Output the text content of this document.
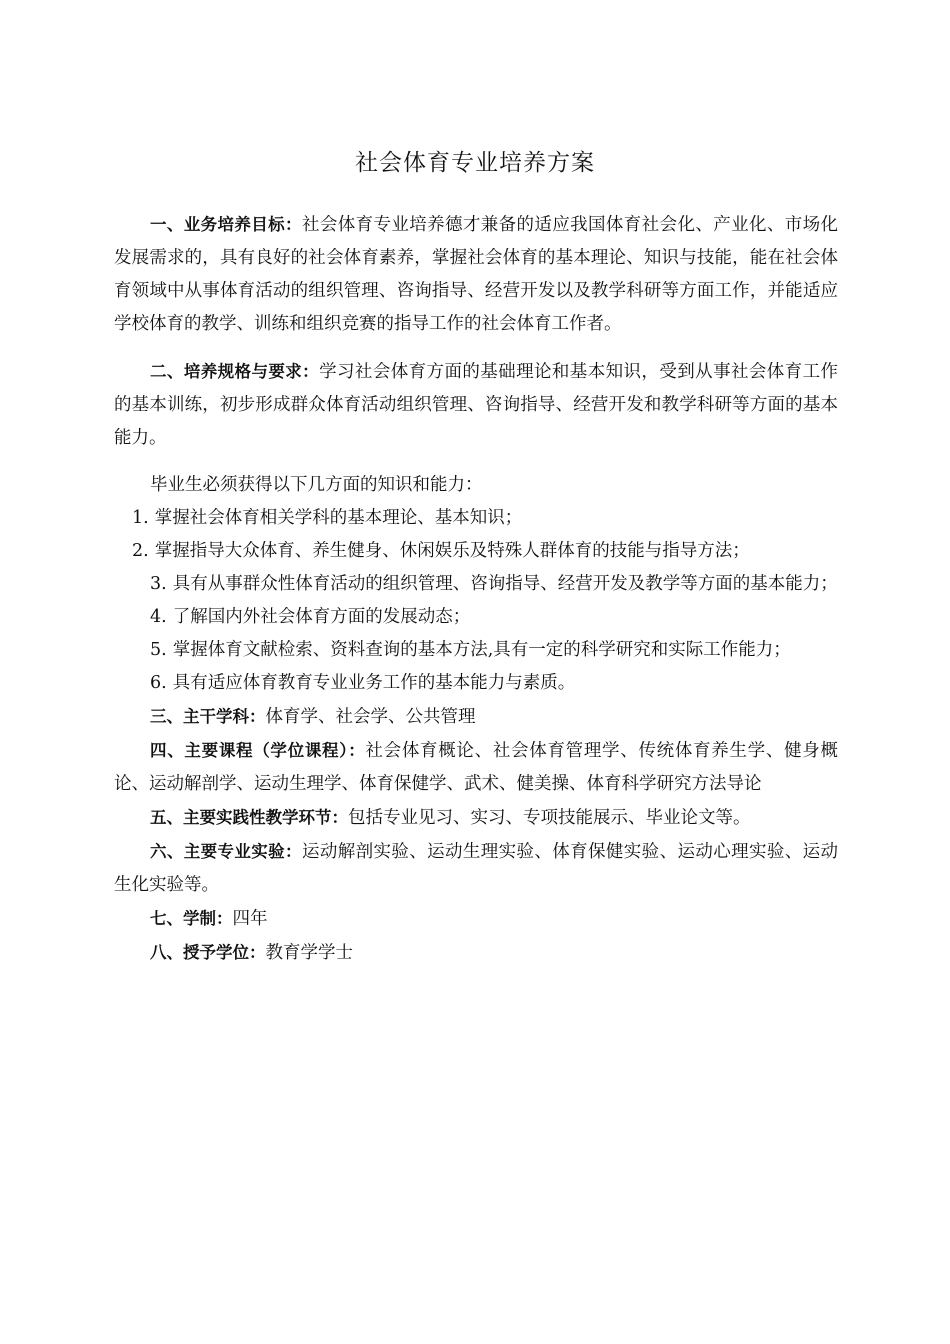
社会体育专业培养方案

一、业务培养目标：社会体育专业培养德才兼备的适应我国体育社会化、产业化、市场化发展需求的，具有良好的社会体育素养，掌握社会体育的基本理论、知识与技能，能在社会体育领域中从事体育活动的组织管理、咨询指导、经营开发以及教学科研等方面工作，并能适应学校体育的教学、训练和组织竞赛的指导工作的社会体育工作者。

二、培养规格与要求：学习社会体育方面的基础理论和基本知识，受到从事社会体育工作的基本训练，初步形成群众体育活动组织管理、咨询指导、经营开发和教学科研等方面的基本能力。

毕业生必须获得以下几方面的知识和能力：

1. 掌握社会体育相关学科的基本理论、基本知识；

2. 掌握指导大众体育、养生健身、休闲娱乐及特殊人群体育的技能与指导方法；

3. 具有从事群众性体育活动的组织管理、咨询指导、经营开发及教学等方面的基本能力；

4. 了解国内外社会体育方面的发展动态；

5. 掌握体育文献检索、资料查询的基本方法,具有一定的科学研究和实际工作能力；

6. 具有适应体育教育专业业务工作的基本能力与素质。

三、主干学科：体育学、社会学、公共管理

四、主要课程（学位课程）：社会体育概论、社会体育管理学、传统体育养生学、健身概论、运动解剖学、运动生理学、体育保健学、武术、健美操、体育科学研究方法导论

五、主要实践性教学环节：包括专业见习、实习、专项技能展示、毕业论文等。

六、主要专业实验：运动解剖实验、运动生理实验、体育保健实验、运动心理实验、运动生化实验等。

七、学制：四年

八、授予学位：教育学学士
